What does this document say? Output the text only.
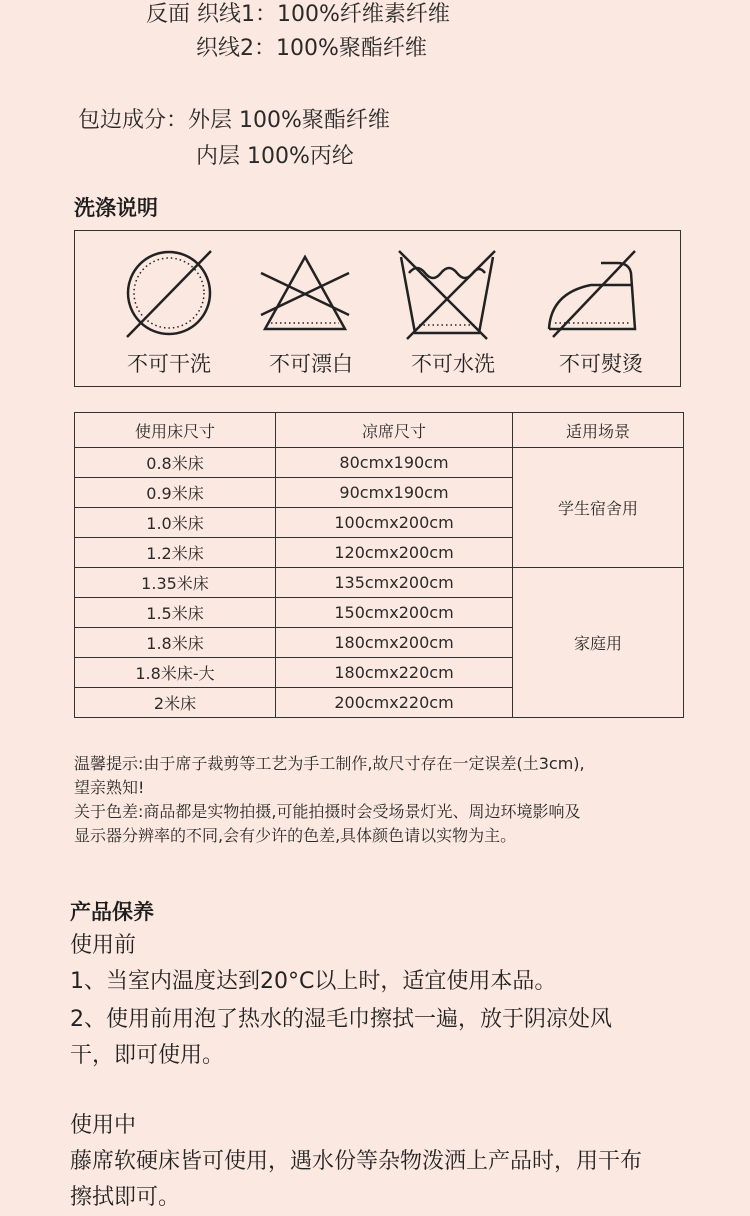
反面 织线1：100%纤维素纤维
织线2：100%聚酯纤维
包边成分：外层 100%聚酯纤维
内层 100%丙纶
洗涤说明
不可干洗	不可漂白	不可水洗	不可熨烫
使用床尺寸	凉席尺寸	适用场景
0.8米床	80cmx190cm	学生宿舍用
0.9米床	90cmx190cm	
1.0米床	100cmx200cm	
1.2米床	120cmx200cm	
1.35米床	135cmx200cm	家庭用
1.5米床	150cmx200cm	
1.8米床	180cmx200cm	
1.8米床-大	180cmx220cm	
2米床	200cmx220cm	
温馨提示:由于席子裁剪等工艺为手工制作,故尺寸存在一定误差(土3cm),
望亲熟知!
关于色差:商品都是实物拍摄,可能拍摄时会受场景灯光、周边环境影响及
显示器分辨率的不同,会有少许的色差,具体颜色请以实物为主。
产品保养
使用前
1、当室内温度达到20°C以上时，适宜使用本品。
2、使用前用泡了热水的湿毛巾擦拭一遍，放于阴凉处风
干，即可使用。
使用中
藤席软硬床皆可使用，遇水份等杂物泼洒上产品时，用干布
擦拭即可。
